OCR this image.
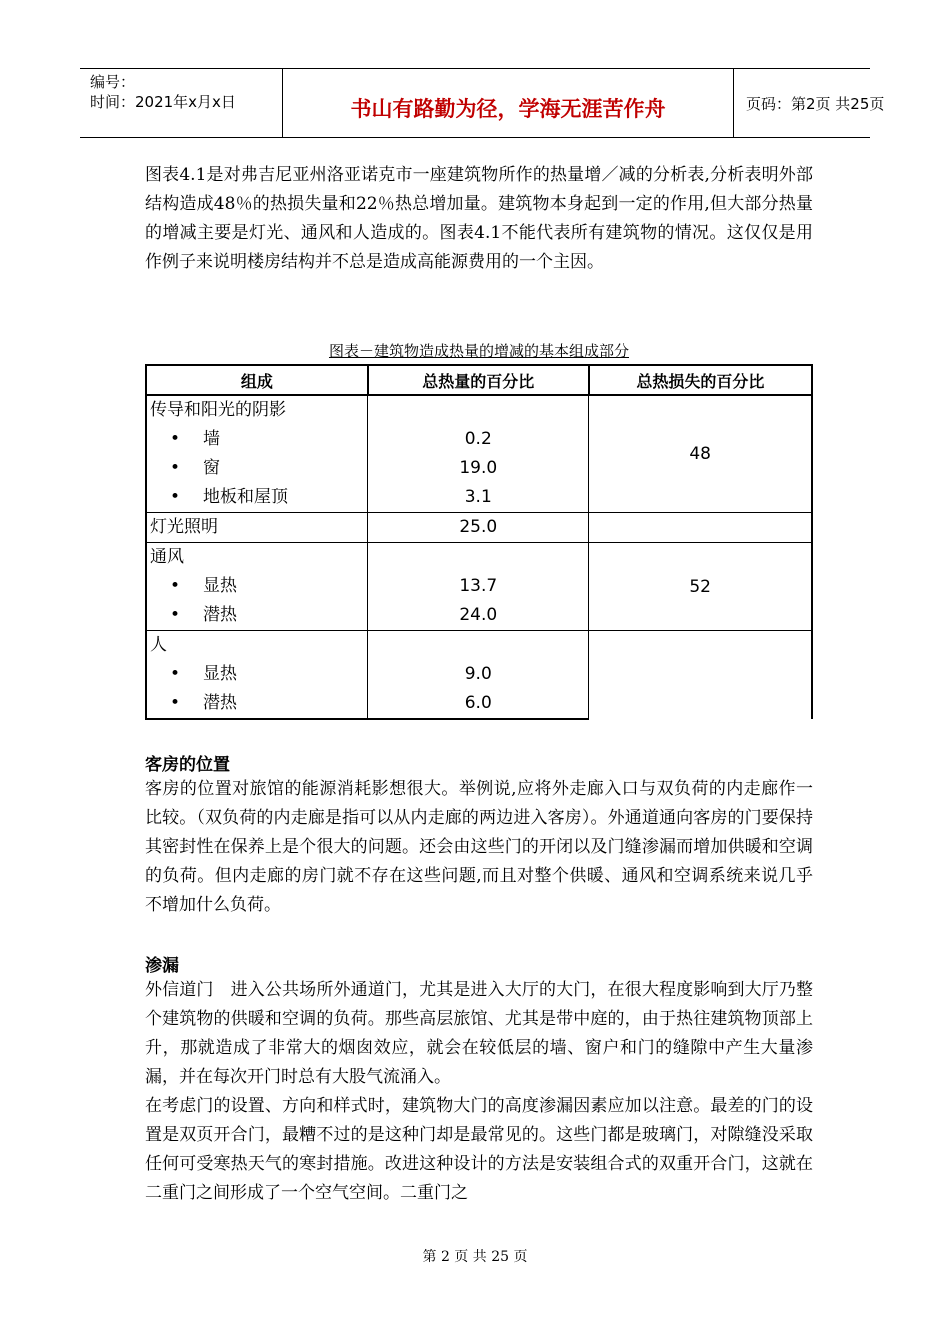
编号：
时间：2021年x月x日	书山有路勤为径，学海无涯苦作舟	页码：第2页 共25页
图表4.1是对弗吉尼亚州洛亚诺克市一座建筑物所作的热量增／减的分析表,分析表明外部结构造成48％的热损失量和22％热总增加量。建筑物本身起到一定的作用,但大部分热量的增减主要是灯光、通风和人造成的。图表4.1不能代表所有建筑物的情况。这仅仅是用作例子来说明楼房结构并不总是造成高能源费用的一个主因。
图表－建筑物造成热量的增减的基本组成部分
组成	总热量的百分比	总热损失的百分比

传导和阳光的阴影		48

• 墙	0.2	

• 窗	19.0	

• 地板和屋顶	3.1	

灯光照明	25.0	

通风		52

• 显热	13.7	

• 潜热	24.0	

人		

• 显热	9.0	

• 潜热	6.0	
客房的位置
客房的位置对旅馆的能源消耗影想很大。举例说,应将外走廊入口与双负荷的内走廊作一比较。（双负荷的内走廊是指可以从内走廊的两边进入客房）。外通道通向客房的门要保持其密封性在保养上是个很大的问题。还会由这些门的开闭以及门缝渗漏而增加供暖和空调的负荷。但内走廊的房门就不存在这些问题,而且对整个供暖、通风和空调系统来说几乎不增加什么负荷。
渗漏
外信道门　进入公共场所外通道门，尤其是进入大厅的大门，在很大程度影响到大厅乃整个建筑物的供暖和空调的负荷。那些高层旅馆、尤其是带中庭的，由于热往建筑物顶部上升，那就造成了非常大的烟囱效应，就会在较低层的墙、窗户和门的缝隙中产生大量渗漏，并在每次开门时总有大股气流涌入。
在考虑门的设置、方向和样式时，建筑物大门的高度渗漏因素应加以注意。最差的门的设置是双页开合门，最糟不过的是这种门却是最常见的。这些门都是玻璃门，对隙缝没采取任何可受寒热天气的寒封措施。改进这种设计的方法是安装组合式的双重开合门，这就在二重门之间形成了一个空气空间。二重门之
第 2 页 共 25 页
